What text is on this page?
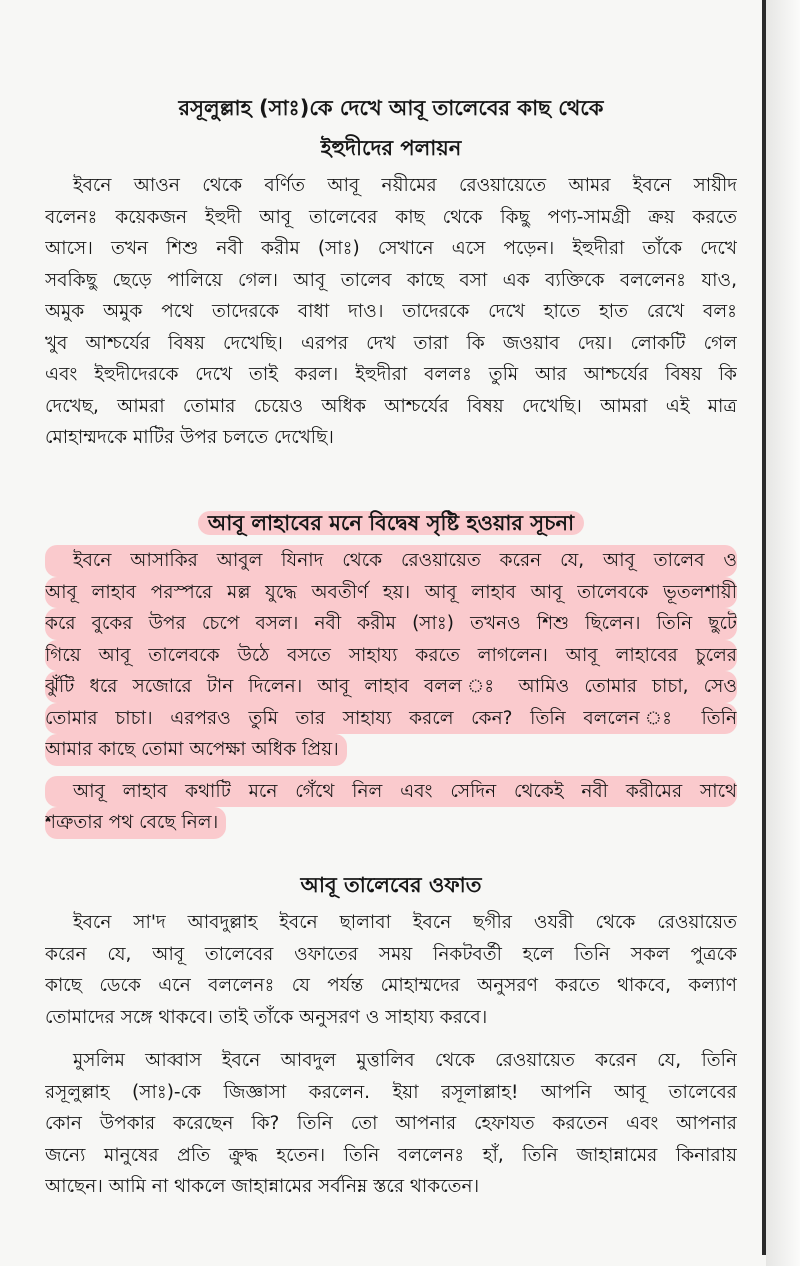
রসূলুল্লাহ (সাঃ)কে দেখে আবূ তালেবের কাছ থেকে
ইহুদীদের পলায়ন
ইবনে আওন থেকে বর্ণিত আবূ নয়ীমের রেওয়ায়েতে আমর ইবনে সায়ীদ
বলেনঃ কয়েকজন ইহুদী আবূ তালেবের কাছ থেকে কিছু পণ্য-সামগ্রী ক্রয় করতে
আসে। তখন শিশু নবী করীম (সাঃ) সেখানে এসে পড়েন। ইহুদীরা তাঁকে দেখে
সবকিছু ছেড়ে পালিয়ে গেল। আবূ তালেব কাছে বসা এক ব্যক্তিকে বললেনঃ যাও,
অমুক অমুক পথে তাদেরকে বাধা দাও। তাদেরকে দেখে হাতে হাত রেখে বলঃ
খুব আশ্চর্যের বিষয় দেখেছি। এরপর দেখ তারা কি জওয়াব দেয়। লোকটি গেল
এবং ইহুদীদেরকে দেখে তাই করল। ইহুদীরা বললঃ তুমি আর আশ্চর্যের বিষয় কি
দেখেছ, আমরা তোমার চেয়েও অধিক আশ্চর্যের বিষয় দেখেছি। আমরা এই মাত্র
মোহাম্মদকে মাটির উপর চলতে দেখেছি।
আবূ লাহাবের মনে বিদ্বেষ সৃষ্টি হওয়ার সূচনা
ইবনে আসাকির আবুল যিনাদ থেকে রেওয়ায়েত করেন যে, আবূ তালেব ও
আবূ লাহাব পরস্পরে মল্ল যুদ্ধে অবতীর্ণ হয়। আবূ লাহাব আবূ তালেবকে ভূতলশায়ী
করে বুকের উপর চেপে বসল। নবী করীম (সাঃ) তখনও শিশু ছিলেন। তিনি ছুটে
গিয়ে আবূ তালেবকে উঠে বসতে সাহায্য করতে লাগলেন। আবূ লাহাবের চুলের
ঝুঁটি ধরে সজোরে টান দিলেন। আবূ লাহাব বলল ঃ আমিও তোমার চাচা, সেও
তোমার চাচা। এরপরও তুমি তার সাহায্য করলে কেন? তিনি বললেন ঃ তিনি
আমার কাছে তোমা অপেক্ষা অধিক প্রিয়।
আবূ লাহাব কথাটি মনে গেঁথে নিল এবং সেদিন থেকেই নবী করীমের সাথে
শত্রুতার পথ বেছে নিল।
আবূ তালেবের ওফাত
ইবনে সা'দ আবদুল্লাহ ইবনে ছালাবা ইবনে ছগীর ওযরী থেকে রেওয়ায়েত
করেন যে, আবূ তালেবের ওফাতের সময় নিকটবর্তী হলে তিনি সকল পুত্রকে
কাছে ডেকে এনে বললেনঃ যে পর্যন্ত মোহাম্মদের অনুসরণ করতে থাকবে, কল্যাণ
তোমাদের সঙ্গে থাকবে। তাই তাঁকে অনুসরণ ও সাহায্য করবে।
মুসলিম আব্বাস ইবনে আবদুল মুত্তালিব থেকে রেওয়ায়েত করেন যে, তিনি
রসূলুল্লাহ (সাঃ)-কে জিজ্ঞাসা করলেন. ইয়া রসূলাল্লাহ! আপনি আবূ তালেবের
কোন উপকার করেছেন কি? তিনি তো আপনার হেফাযত করতেন এবং আপনার
জন্যে মানুষের প্রতি ক্রুদ্ধ হতেন। তিনি বললেনঃ হাঁ, তিনি জাহান্নামের কিনারায়
আছেন। আমি না থাকলে জাহান্নামের সর্বনিম্ন স্তরে থাকতেন।
